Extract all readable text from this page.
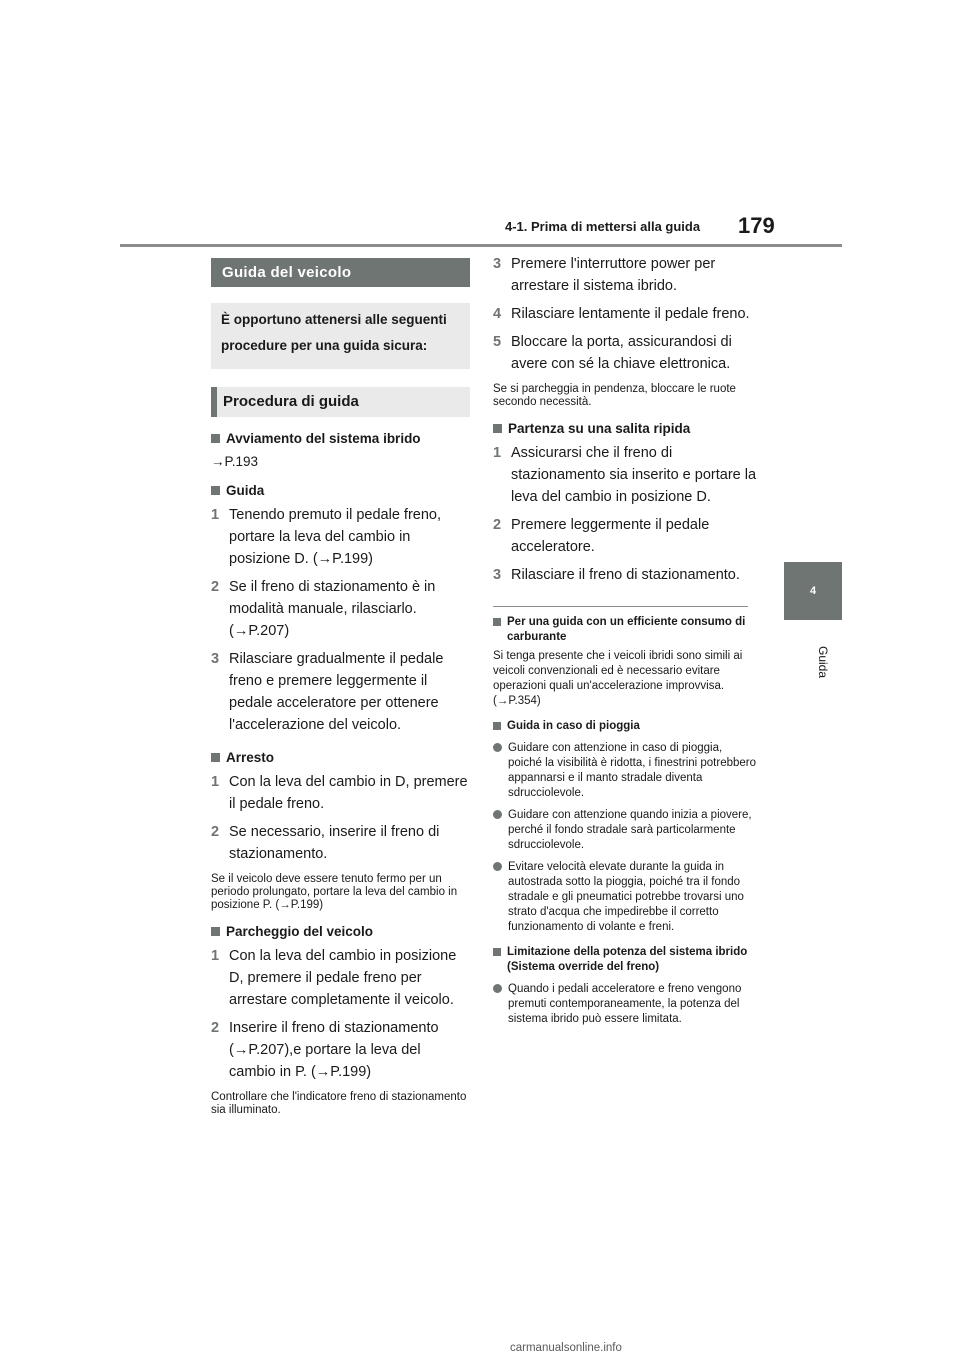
4-1. Prima di mettersi alla guida 179
4
Guida
Guida del veicolo
È opportuno attenersi alle seguenti procedure per una guida sicura:
Procedura di guida
Avviamento del sistema ibrido
→P.193
Guida
1 Tenendo premuto il pedale freno, portare la leva del cambio in posizione D. (→P.199)
2 Se il freno di stazionamento è in modalità manuale, rilasciarlo. (→P.207)
3 Rilasciare gradualmente il pedale freno e premere leggermente il pedale acceleratore per ottenere l'accelerazione del veicolo.
Arresto
1 Con la leva del cambio in D, premere il pedale freno.
2 Se necessario, inserire il freno di stazionamento.
Se il veicolo deve essere tenuto fermo per un periodo prolungato, portare la leva del cambio in posizione P. (→P.199)
Parcheggio del veicolo
1 Con la leva del cambio in posizione D, premere il pedale freno per arrestare completamente il veicolo.
2 Inserire il freno di stazionamento (→P.207),e portare la leva del cambio in P. (→P.199)
Controllare che l'indicatore freno di stazionamento sia illuminato.
3 Premere l'interruttore power per arrestare il sistema ibrido.
4 Rilasciare lentamente il pedale freno.
5 Bloccare la porta, assicurandosi di avere con sé la chiave elettronica.
Se si parcheggia in pendenza, bloccare le ruote secondo necessità.
Partenza su una salita ripida
1 Assicurarsi che il freno di stazionamento sia inserito e portare la leva del cambio in posizione D.
2 Premere leggermente il pedale acceleratore.
3 Rilasciare il freno di stazionamento.
Per una guida con un efficiente consumo di carburante
Si tenga presente che i veicoli ibridi sono simili ai veicoli convenzionali ed è necessario evitare operazioni quali un'accelerazione improvvisa. (→P.354)
Guida in caso di pioggia
Guidare con attenzione in caso di pioggia, poiché la visibilità è ridotta, i finestrini potrebbero appannarsi e il manto stradale diventa sdrucciolevole.
Guidare con attenzione quando inizia a piovere, perché il fondo stradale sarà particolarmente sdrucciolevole.
Evitare velocità elevate durante la guida in autostrada sotto la pioggia, poiché tra il fondo stradale e gli pneumatici potrebbe trovarsi uno strato d'acqua che impedirebbe il corretto funzionamento di volante e freni.
Limitazione della potenza del sistema ibrido (Sistema override del freno)
Quando i pedali acceleratore e freno vengono premuti contemporaneamente, la potenza del sistema ibrido può essere limitata.
carmanualsonline.info
